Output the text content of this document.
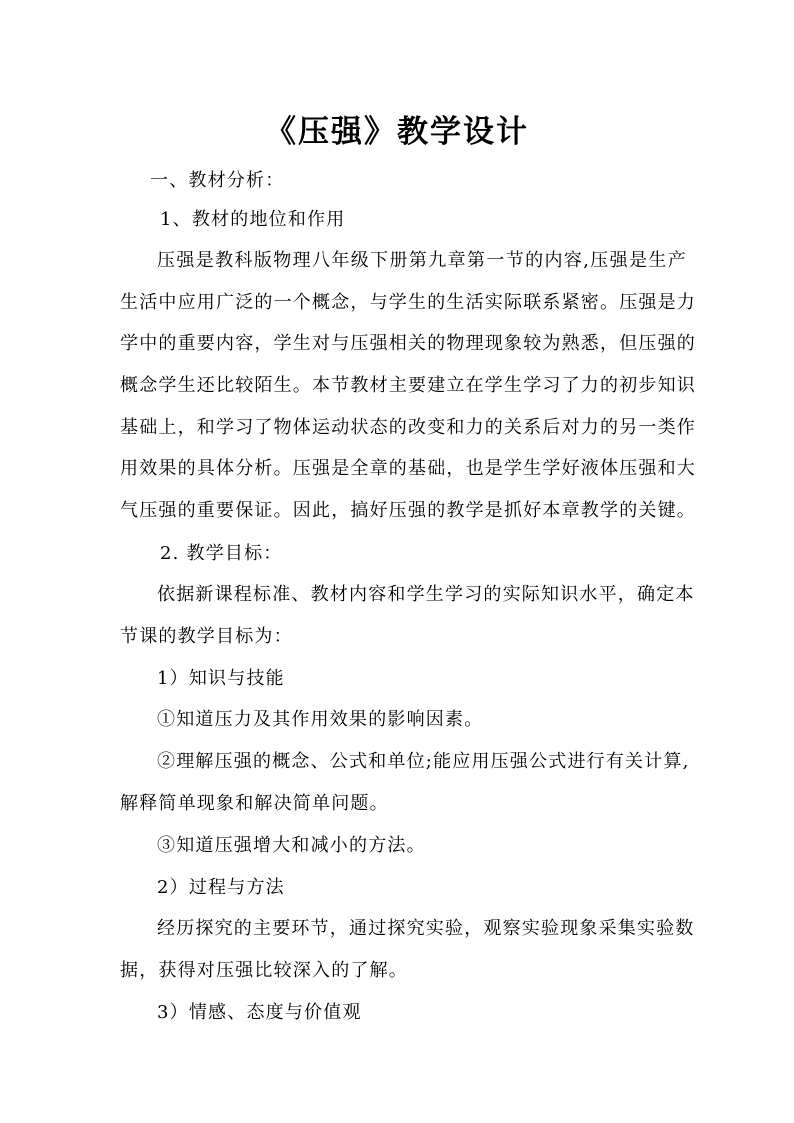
《压强》教学设计
一、教材分析：
1、教材的地位和作用
压强是教科版物理八年级下册第九章第一节的内容,压强是生产
生活中应用广泛的一个概念，与学生的生活实际联系紧密。压强是力
学中的重要内容，学生对与压强相关的物理现象较为熟悉，但压强的
概念学生还比较陌生。本节教材主要建立在学生学习了力的初步知识
基础上，和学习了物体运动状态的改变和力的关系后对力的另一类作
用效果的具体分析。压强是全章的基础，也是学生学好液体压强和大
气压强的重要保证。因此，搞好压强的教学是抓好本章教学的关键。
2. 教学目标：
依据新课程标准、教材内容和学生学习的实际知识水平，确定本
节课的教学目标为：
1）知识与技能
①知道压力及其作用效果的影响因素。
②理解压强的概念、公式和单位;能应用压强公式进行有关计算,
解释简单现象和解决简单问题。
③知道压强增大和减小的方法。
2）过程与方法
经历探究的主要环节，通过探究实验，观察实验现象采集实验数
据，获得对压强比较深入的了解。
3）情感、态度与价值观
